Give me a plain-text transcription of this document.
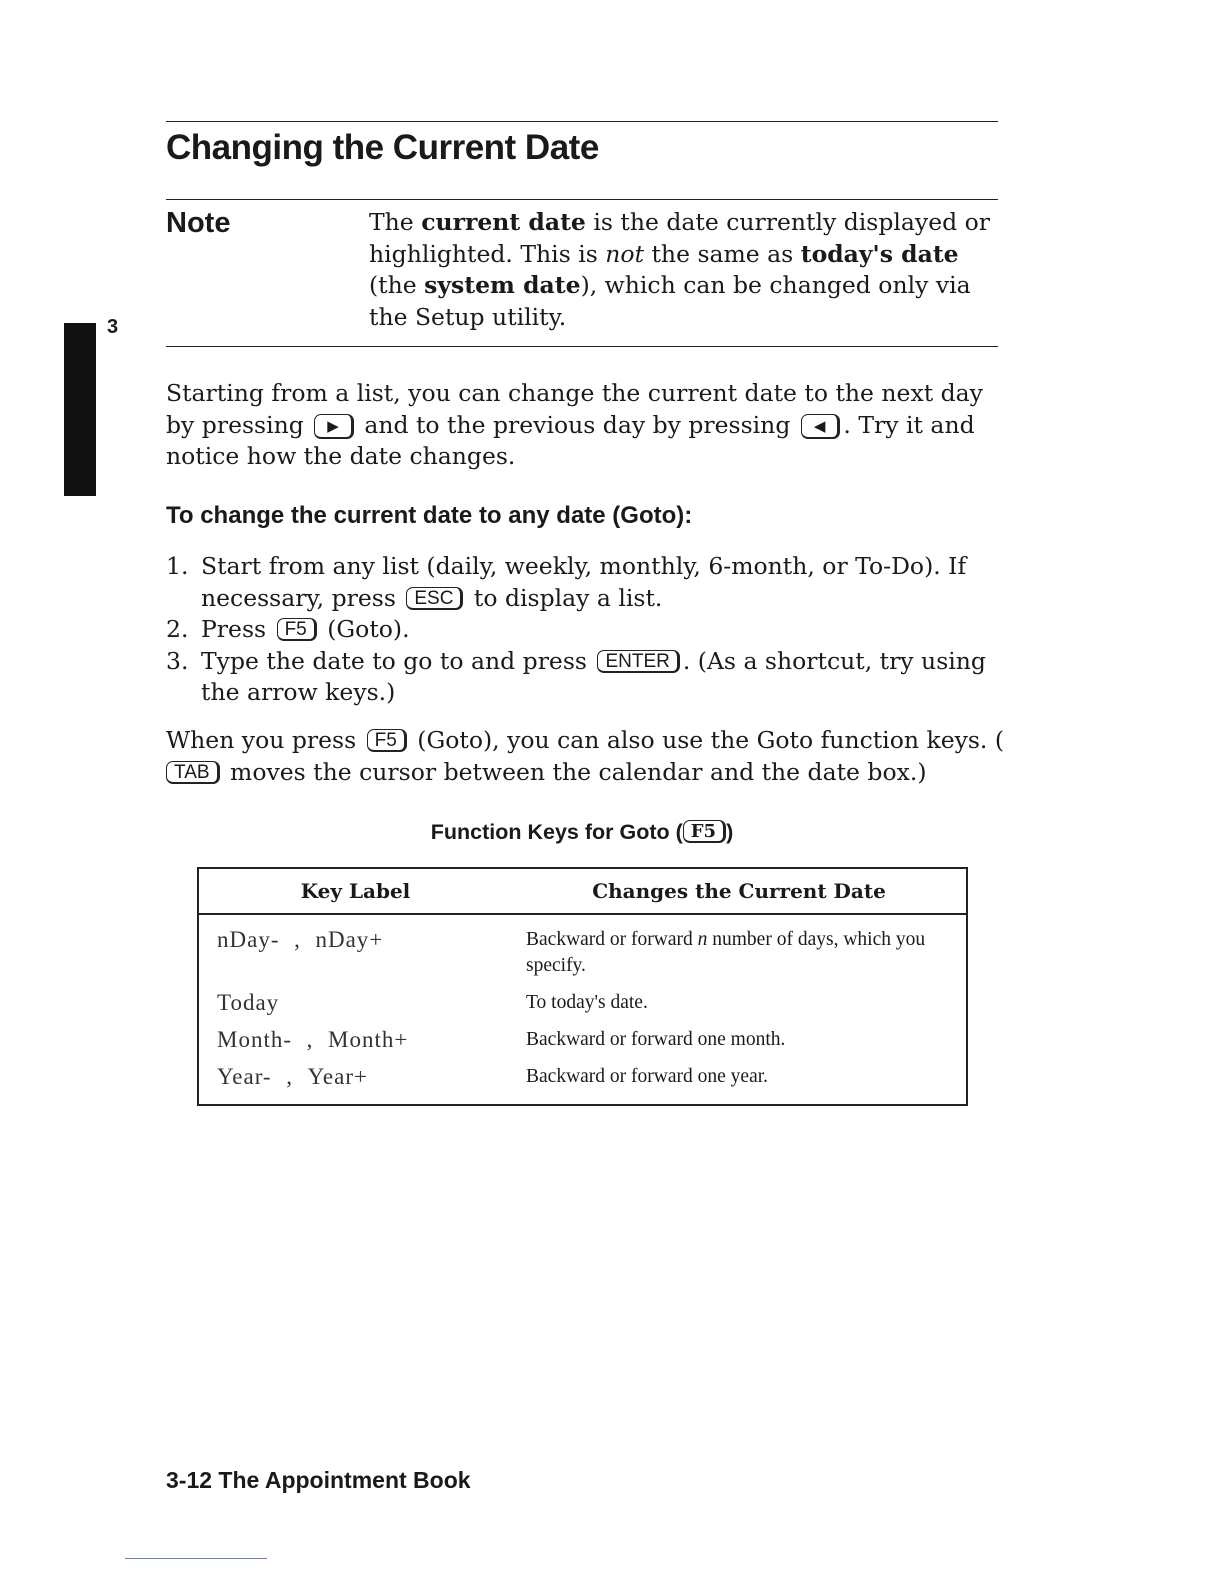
3
Changing the Current Date
Note	The current date is the date currently displayed or highlighted. This is not the same as today's date (the system date), which can be changed only via the Setup utility.

Starting from a list, you can change the current date to the next day by pressing ▶ and to the previous day by pressing ◀ . Try it and notice how the date changes.

To change the current date to any date (Goto):
1. Start from any list (daily, weekly, monthly, 6-month, or To-Do). If necessary, press ESC to display a list.
2. Press F5 (Goto).
3. Type the date to go to and press ENTER . (As a shortcut, try using the arrow keys.)

When you press F5 (Goto), you can also use the Goto function keys. (TAB moves the cursor between the calendar and the date box.)

Function Keys for Goto ( F5 )

Key Label	Changes the Current Date
nDay- , nDay+	Backward or forward n number of days, which you specify.
Today	To today's date.
Month- , Month+	Backward or forward one month.
Year- , Year+	Backward or forward one year.

3-12 The Appointment Book
